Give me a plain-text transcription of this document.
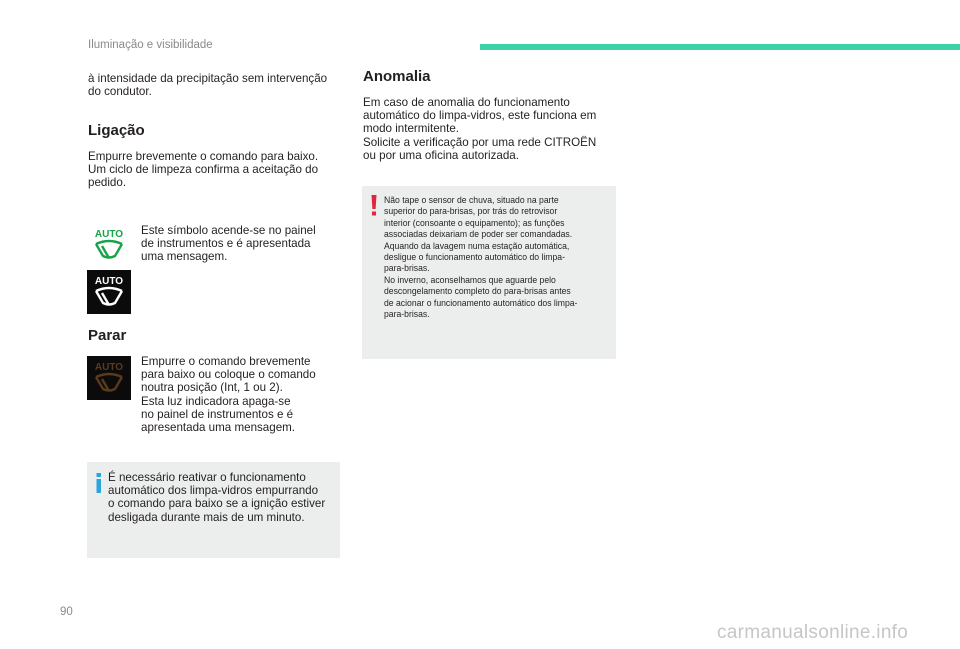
Iluminação e visibilidade

à intensidade da precipitação sem intervenção
do condutor.

Ligação

Empurre brevemente o comando para baixo.
Um ciclo de limpeza confirma a aceitação do
pedido.

AUTO
AUTO

Este símbolo acende-se no painel
de instrumentos e é apresentada
uma mensagem.

Parar
AUTO Empurre o comando brevemente
para baixo ou coloque o comando
noutra posição (Int, 1 ou 2).
Esta luz indicadora apaga-se
no painel de instrumentos e é
apresentada uma mensagem.

É necessário reativar o funcionamento
automático dos limpa-vidros empurrando
o comando para baixo se a ignição estiver
desligada durante mais de um minuto.

Anomalia

Em caso de anomalia do funcionamento
automático do limpa-vidros, este funciona em
modo intermitente.
Solicite a verificação por uma rede CITROËN
ou por uma oficina autorizada.

Não tape o sensor de chuva, situado na parte
superior do para-brisas, por trás do retrovisor
interior (consoante o equipamento); as funções
associadas deixariam de poder ser comandadas.
Aquando da lavagem numa estação automática,
desligue o funcionamento automático do limpa-
para-brisas.
No inverno, aconselhamos que aguarde pelo
descongelamento completo do para-brisas antes
de acionar o funcionamento automático dos limpa-
para-brisas.

90
carmanualsonline.info
